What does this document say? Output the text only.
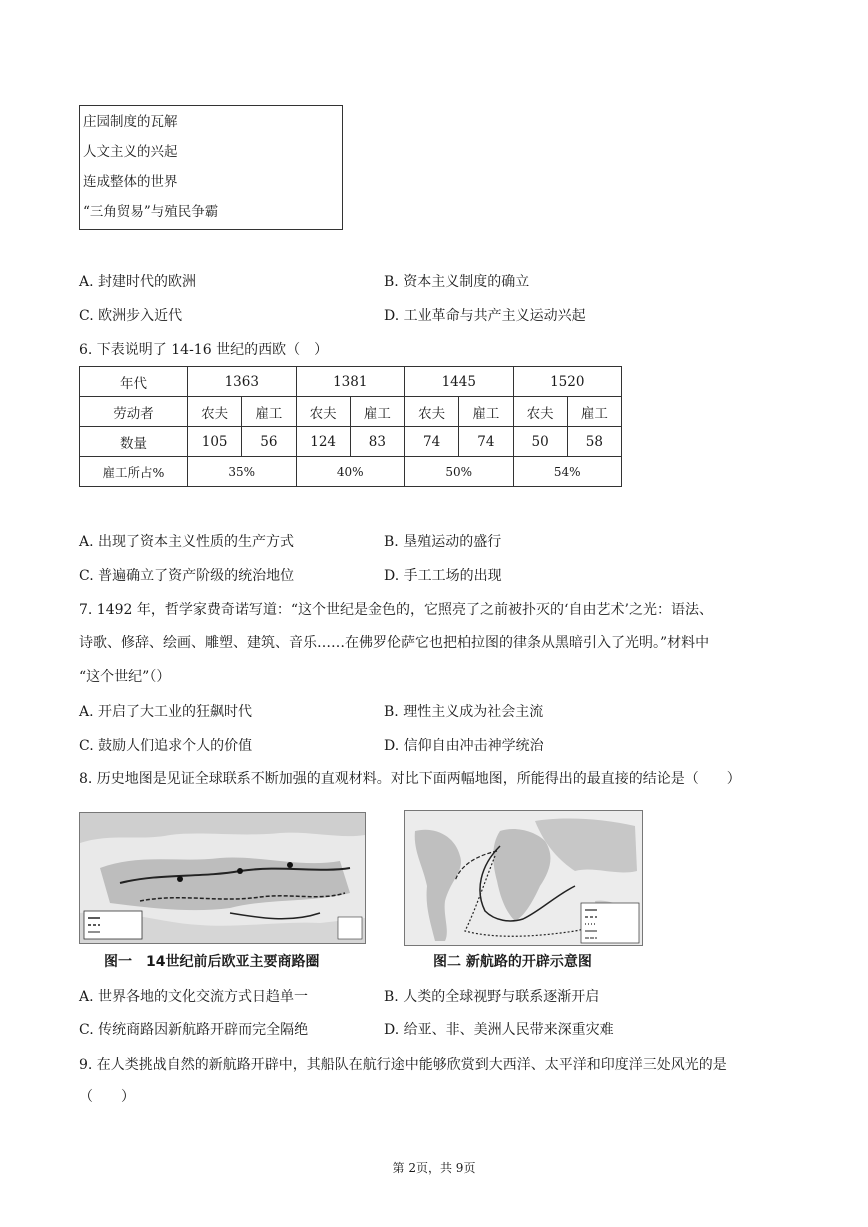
庄园制度的瓦解
人文主义的兴起
连成整体的世界
“三角贸易”与殖民争霸
A. 封建时代的欧洲	B. 资本主义制度的确立
C. 欧洲步入近代	D. 工业革命与共产主义运动兴起
6. 下表说明了 14-16 世纪的西欧（　）
年代	1363		1381		1445		1520	
劳动者	农夫	雇工	农夫	雇工	农夫	雇工	农夫	雇工
数量	105	56	124	83	74	74	50	58
雇工所占%	35%		40%		50%		54%	
A. 出现了资本主义性质的生产方式	B. 垦殖运动的盛行
C. 普遍确立了资产阶级的统治地位	D. 手工工场的出现
7. 1492 年，哲学家费奇诺写道：“这个世纪是金色的，它照亮了之前被扑灭的‘自由艺术’之光：语法、
诗歌、修辞、绘画、雕塑、建筑、音乐……在佛罗伦萨它也把柏拉图的律条从黑暗引入了光明。”材料中
“这个世纪”（）
A. 开启了大工业的狂飙时代	B. 理性主义成为社会主流
C. 鼓励人们追求个人的价值	D. 信仰自由冲击神学统治
8. 历史地图是见证全球联系不断加强的直观材料。对比下面两幅地图，所能得出的最直接的结论是（　　）
图一　14世纪前后欧亚主要商路圈	图二 新航路的开辟示意图
A. 世界各地的文化交流方式日趋单一	B. 人类的全球视野与联系逐渐开启
C. 传统商路因新航路开辟而完全隔绝	D. 给亚、非、美洲人民带来深重灾难
9. 在人类挑战自然的新航路开辟中，其船队在航行途中能够欣赏到大西洋、太平洋和印度洋三处风光的是
（　　）
第 2页，共 9页
